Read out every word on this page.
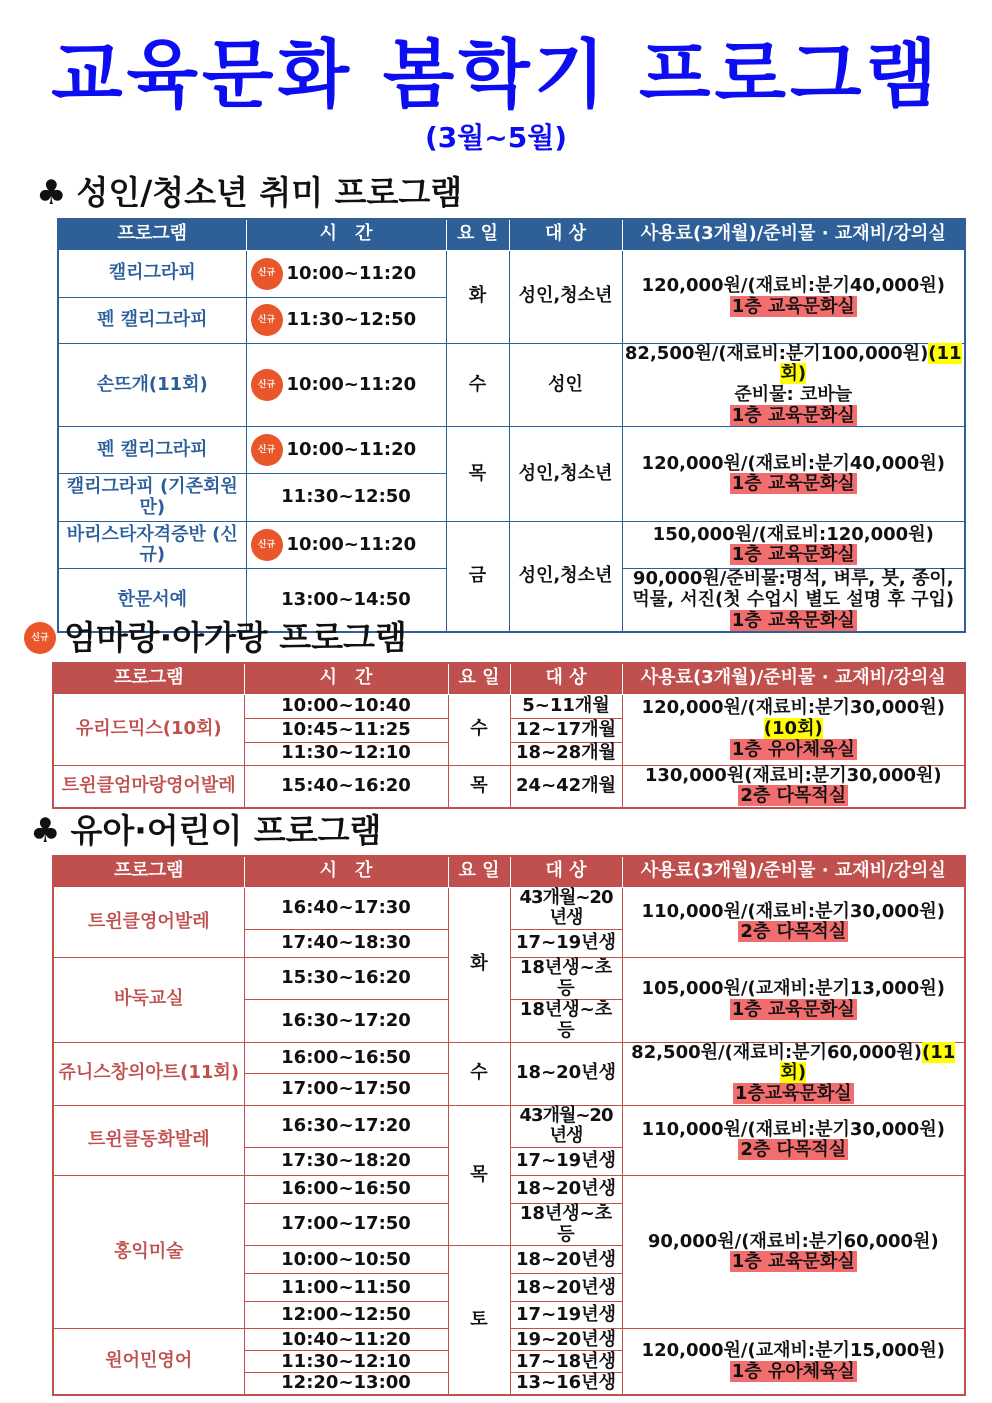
교육문화 봄학기 프로그램
(3월~5월)
♣ 성인/청소년 취미 프로그램
프로그램	시　간	요 일	대 상	사용료(3개월)/준비물 · 교재비/강의실
캘리그라피	신규 10:00~11:20	화	성인,청소년	120,000원/(재료비:분기40,000원)
1층 교육문화실

펜 캘리그라피	신규 11:30~12:50			
손뜨개(11회)	신규 10:00~11:20	수	성인	82,500원/(재료비:분기100,000원)(11회)
준비물: 코바늘
1층 교육문화실

펜 캘리그라피	신규 10:00~11:20	목	성인,청소년	120,000원/(재료비:분기40,000원)
1층 교육문화실

캘리그라피 (기존회원만)	11:30~12:50			
바리스타자격증반 (신규)	신규 10:00~11:20	금	성인,청소년	150,000원/(재료비:120,000원)
1층 교육문화실

한문서예	13:00~14:50			90,000원/준비물:명석, 벼루, 붓, 종이, 먹물, 서진(첫 수업시 별도 설명 후 구입)
1층 교육문화실
신규 엄마랑·아가랑 프로그램
프로그램	시　간	요 일	대 상	사용료(3개월)/준비물 · 교재비/강의실
유리드믹스(10회)	10:00~10:40	수	5~11개월	120,000원/(재료비:분기30,000원)
(10회)
1층 유아체육실

	10:45~11:25		12~17개월	
	11:30~12:10		18~28개월	
트윈클엄마랑영어발레	15:40~16:20	목	24~42개월	130,000원(재료비:분기30,000원)
2층 다목적실
♣ 유아·어린이 프로그램
프로그램	시　간	요 일	대 상	사용료(3개월)/준비물 · 교재비/강의실
트윈클영어발레	16:40~17:30	화	43개월~20년생	110,000원/(재료비:분기30,000원)
2층 다목적실

	17:40~18:30		17~19년생	
바둑교실	15:30~16:20		18년생~초등	105,000원/(교재비:분기13,000원)
1층 교육문화실

	16:30~17:20		18년생~초등	
쥬니스창의아트(11회)	16:00~16:50	수	18~20년생	82,500원/(재료비:분기60,000원)(11회)
1층교육문화실

	17:00~17:50			
트윈클동화발레	16:30~17:20	목	43개월~20년생	110,000원/(재료비:분기30,000원)
2층 다목적실

	17:30~18:20		17~19년생	
홍익미술	16:00~16:50		18~20년생	90,000원/(재료비:분기60,000원)
1층 교육문화실

	17:00~17:50		18년생~초등	
	10:00~10:50	토	18~20년생	
	11:00~11:50		18~20년생	
	12:00~12:50		17~19년생	
원어민영어	10:40~11:20		19~20년생	120,000원/(교재비:분기15,000원)
1층 유아체육실

	11:30~12:10		17~18년생	
	12:20~13:00		13~16년생	
